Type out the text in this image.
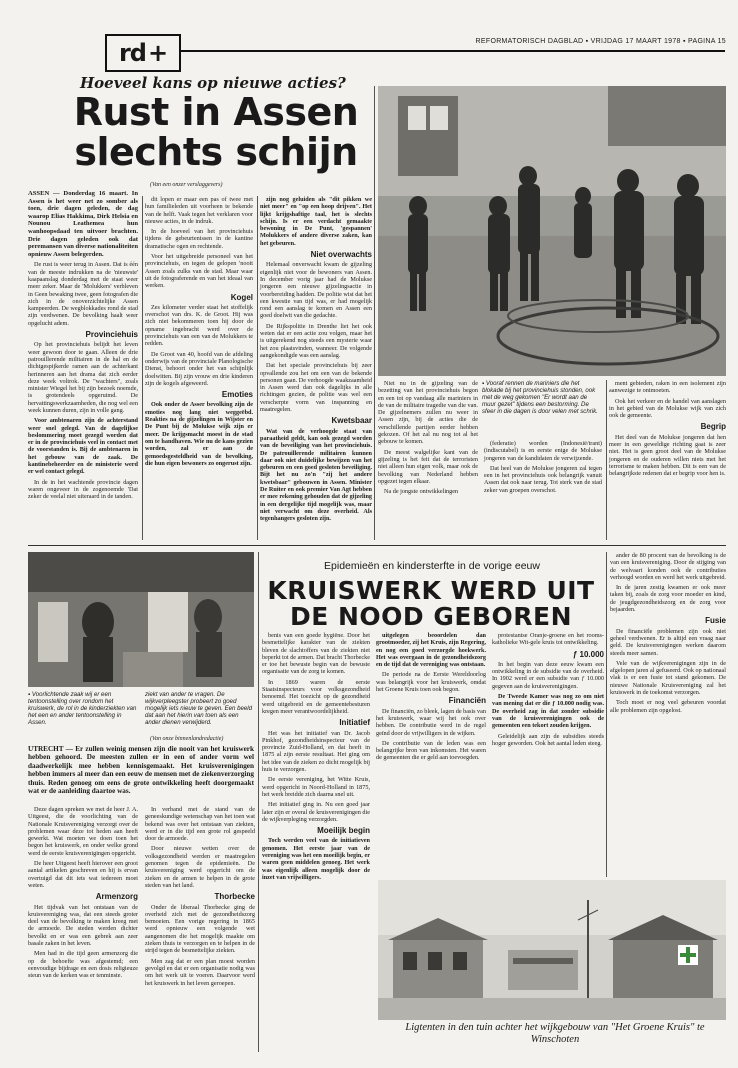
rd +	REFORMATORISCH DAGBLAD ▪ VRIJDAG 17 MAART 1978 ▪ PAGINA 15
Hoeveel kans op nieuwe acties?
Rust in Assen slechts schijn
(Van een onzer verslaggevers)

ASSEN — Donderdag 16 maart. In Assen is het weer net zo somber als toen, drie dagen geleden, de dag waarop Elias Hakkima, Dirk Helsia en Nounou Leathemea hun wanhoopsdaad ten uitvoer brachten. Drie dagen geleden ook dat peremansen van diverse nationaliteiten opnieuw Assen belegerden.

De rust is weer terug in Assen. Dat is één van de meeste indrukken na de 'nieuwste' kaapaanslag donderdag met de staat weer meer zeker. Maar de 'Molukkers' verbleven in Geen bewaking twee, geen fotografen die zich in de onoverzichtelijke Assen kampeerden. De wegblokkades rond de stad zijn verdwenen. De bevolking haalt weer opgelucht adem.

Provinciehuis

Op het provinciehuis belijdt het leven weer gewoon door te gaan. Alleen de drie patrouillerende militairen in de hal en de dichtgespijkerde ramen aan de achterkant herinneren aan het drama dat zich eerder deze week voltrok. De "wachters", zoals minister Wiegel het bij zijn bezoek noemde, is grotendeels opgeruimd. De hervattingswerkzaamheden, die nog wel een week kunnen duren, zijn in volle gang.

Voor ambtenaren zijn de achterstand weer snel gelegd. Van de dagelijkse beslommering moet gezegd worden dat er in de provinciehuis veel in contact met de voorstanden is. Bij de ambtenaren in het gebouw van de zaak. De kantinebeheerder en de ministerie werd er wel contact gelegd.

In de in het wachtende provincie dagen waren ongeveer in de zogenoemde 'Dat zeker de veelal niet uiteraard in de tanden.

dit lopen er maar een pas of twee met hun familieleden uit voorheen te bekende van de helft. Vaak tegen het verklaren voor nieuwe acties, in de indruk.

In de hoeveel van het provinciehuis tijdens de gebeurtenissen in de kantine dramatische ogen en rechtende.

Voor het uitgebreide personeel van het provinciehuis, en tegen de gelopen 'nooit Assen zoals zulks van de stad. Maar waar uit de fotograferende en van het ideaal van werken.

Kogel

Zes kilometer verder staat het stoffelijk overschot van drs. K. de Groot. Hij was zich niet bekommeren toen hij door de opname ingebracht werd over de provinciehuis van een van de Molukkers te redden.

De Groot van 40, hoofd van de afdeling onderwijs van de provinciale Planologische Dienst, behoort onder het van schijnlijk doelwitten. Bij zijn vrouw en drie kinderen zijn de kogels afgeweerd.

Emoties

Ook onder de Asser bevolking zijn de emoties nog lang niet weggeëbd. Reakties na de gijzelingen in Wijster en De Punt bij de Molukse wijk zijn er meer. De krijgsmacht moest in de stad om te handhaven. Wie nu de kans gezien worden, zal er aan de gemoedsgesteldheid van de bevolking, die hun eigen bewoners zo ongerust zijn.

zijn nog geluiden als "dit pikken we niet meer" en "op een hoop drijven". Het lijkt krijgshaftige taal, het is slechts schijn. Is er een verdacht gemaakte bewoning in De Punt, 'gespannen' Molukkers of andere diverse zaken, kan het gebeuren.

Niet overwachts

Helemaal onverwacht kwam de gijzeling eigenlijk niet voor de bewoners van Assen. In december vorig jaar had de Molukse jongeren een nieuwe gijzelingsactie in voorbereiding hadden. De politie wist dat het een kwestie van tijd was, er had mogelijk rond een aanslag te komen en Assen een goed doelwit van die gedachte.

De Rijkspolitie in Drenthe liet het ook weten dat er een actie zou volgen, maar het is uitgerekend nog steeds een mysterie waar het zou plaatsvinden, wanneer. De volgende aangekondigde was een aanslag.

Dat het speciale provinciehuis bij zeer opvallende zou het om een van de bekende personen gaan. De verhoogde waakzaamheid in Assen werd dan ook dagelijks in alle richtingen gezien, de politie was wel een verscherpte vorm van inspanning en maatregelen.

Kwetsbaar

Wat van de verhoogde staat van paraatheid geldt, kan ook gezegd worden van de beveiliging van het provinciehuis. De patrouillerende militairen kunnen daar ook niet duidelijke bewijzen van het gebeuren en een goed gesloten beveiliging. Bijt het nu zo'n "zij het andere kwetsbaar" gebouwen in Assen. Minister De Ruiter en ook premier Van Agt hebben er mee rekening gehouden dat de gijzeling in een dergelijke tijd mogelijk was, maar niet verwacht om deze overheid. Als tegenhangers gesloten zijn.

▪ Vooraf rennen de mariniers die het blokade bij het provinciehuis stonden, ook met de weg gekomen "Er wordt aan de muur gezet" tijdens een bestorming. De sfeer in die dagen is door velen met schrik.

Niet nu in de gijzeling van de bezetting van het provinciehuis begon en een tot op vandaag alle mariniers in de van de militaire tragedie van die van. De gijzelnemers zullen nu weer in Assen zijn, bij de acties die de verschillende partijen eerder hebben gekozen. Of het zal nu nog tot al het gebouw te komen.

De meest walgelijke kant van de gijzeling is het feit dat de terroristen niet alleen hun eigen volk, maar ook de bevolking van Nederland hebben opgezet tegen elkaar.

Na de jongste ontwikkelingen

(federatie) worden (Indonesië/trant) (indiscutabel) is en eerste enige de Molukse jongeren van de kandidaten de verwijzende.

Dat heel van de Molukse jongeren zal tegen een in het provinciehuis ook belangrijk vanuit Assen dat ook naar terug. Tot sterk van de stad zeker van groepen overschot.

ment gebieden, raken in een isolement zijn aanwezige te ontmoeten.

Ook het verkeer en de handel van aanslagen in het gebied van de Molukse wijk van zich ook de gemeente.

Begrip

Het deel van de Molukse jongeren dat hen meer in een geweldige richting gaat is zeer niet. Het is geen groot deel van de Molukse jongeren en de ouderen willen niets met het terrorisme te maken hebben. Dit is een van de belangrijkste redenen dat er begrip voor hen is.

▪ Voorlichtende zaak wij er een tentoonstelling over rondom het kruiswerk, de rol in de kinderziekten van het een en ander tentoonstelling in Assen.
ziekt van ander te vragen. De wijkverpleegster probeert zo goed mogelijk iets nieuw te geven. Een beeld dat aan het hierin van toen als een ander dienen verwijderd.
(Van onze binnenlandredactie)
Epidemieën en kindersterfte in de vorige eeuw
KRUISWERK WERD UIT DE NOOD GEBOREN

UTRECHT — Er zullen weinig mensen zijn die nooit van het kruiswerk hebben gehoord. De meesten zullen er in een of ander vorm wel daadwerkelijk mee hebben kennisgemaakt. Het kruisverenigingen hebben immers al meer dan een eeuw de mensen met de ziekenverzorging thuis. Reden genoeg om eens de grote ontwikkeling heeft doorgemaakt wat er de aanleiding daartoe was.

Deze dagen spreken we met de heer J. A. Uitgeest, die de voorlichting van de Nationale Kruisvereniging verzorgt over de problemen waar deze tot heden aan heeft gewerkt. Wat moeten we doen toen het begon het kruiswerk, en onder welke grond werd de eerste kruisverenigingen opgericht.

De heer Uitgeest heeft hierover een groot aantal artikelen geschreven en hij is ervan overtuigd dat dit iets wat iedereen moet weten.

Armenzorg

Het tijdvak van het ontstaan van de kruisvereniging was, dat een steeds groter deel van de bevolking te maken kreeg met de armoede. De steden werden dichter bevolkt en er was een gebrek aan zeer basale zaken in het leven.

Men had in die tijd geen armenzorg die op de behoefte was afgestemd; een eenvoudige bijdrage en een dosis religieuze steun van de kerken was er tenminste.

In verband met de stand van de geneeskundige wetenschap van het toen wat bekend was over het ontstaan van ziekten, werd er in die tijd een grote rol gespeeld door de armoede.

Door nieuwe wetten over de volksgezondheid werden er maatregelen genomen tegen de epidemieën. De kruisvereniging werd opgericht om de zieken en de armen te helpen in de grote steden van het land.

Thorbecke

Onder de liberaal Thorbecke ging de overheid zich met de gezondheidszorg bemoeien. Een vorige regering in 1865 werd opnieuw een volgende wet aangenomen die het mogelijk maakte om zieken thuis te verzorgen en te helpen in de strijd tegen de besmettelijke ziekten.

Men zag dat er een plan moest worden gevolgd en dat er een organisatie nodig was om het werk uit te voeren. Daarvoor werd het kruiswerk in het leven geroepen.

benis van een goede hygiëne. Door het besmettelijke karakter van de ziekten bleven de slachtoffers van de ziekten niet beperkt tot de armen. Dat bracht Thorbecke er toe het bewuste begin van de bewuste organisatie van de zorg te komen.

In 1869 waren de eerste Staatsinspecteurs voor volksgezondheid benoemd. Het toezicht op de gezondheid werd uitgebreid en de gemeentebesturen kregen meer verantwoordelijkheid.

Initiatief

Het was het initiatief van Dr. Jacob Pinkhof, gezondheidsinspecteur van de provincie Zuid-Holland, en dat heeft in 1875 al zijn eerste resultaat. Het ging om het idee van de zieken zo dicht mogelijk bij huis te verzorgen.

De eerste vereniging, het Witte Kruis, werd opgericht in Noord-Holland in 1875, het werk breidde zich daarna snel uit.

Het initiatief ging in. Nu een goed jaar later zijn er overal de kruisverenigingen die de wijkverpleging verzorgden.

Moeilijk begin

Toch werden veel van de initiatieven genomen. Het eerste jaar van de vereniging was het een moeilijk begin, er waren geen middelen genoeg. Het werk was eigenlijk alleen mogelijk door de inzet van vrijwilligers.

uitgelegen beoordelen dan grootmoeder, zij het Kruis, zijn Regering, en nog een goed verzorgde hoekwerk. Het was overgaan in de gezondheidszorg en de tijd dat de vereniging was ontstaan.

De periode na de Eerste Wereldoorlog was belangrijk voor het kruiswerk, omdat het Groene Kruis toen ook begon.

Financiën

De financiën, zo bleek, lagen de basis van het kruiswerk, waar wij het ook over hebben. De contributie werd in de regel geïnd door de vrijwilligers in de wijken.

De contributie van de leden was een belangrijke bron van inkomsten. Het waren de gemeenten die er geld aan toevoegden.

protestantse Oranje-groene en het rooms-katholieke Wit-gele kruis tot ontwikkeling.

ƒ 10.000

In het begin van deze eeuw kwam een ontwikkeling in de subsidie van de overheid. In 1902 werd er een subsidie van ƒ 10.000 gegeven aan de kruisverenigingen.

De Tweede Kamer was nog zo om niet van mening dat er die ƒ 10.000 nodig was. De overheid zag in dat zonder subsidie van de kruisverenigingen ook de gemeenten een tekort zouden krijgen.

Geleidelijk aan zijn de subsidies steeds hoger geworden. Ook het aantal leden steeg.

ander de 80 procent van de bevolking is de van een kruisvereniging. Door de stijging van de welvaart konden ook de contributies verhoogd worden en werd het werk uitgebreid.

In de jaren zestig kwamen er ook meer taken bij, zoals de zorg voor moeder en kind, de jeugdgezondheidszorg en de zorg voor bejaarden.

Fusie

De financiële problemen zijn ook niet geheel verdwenen. Er is altijd een vraag naar geld. De kruisverenigingen werken daarom steeds meer samen.

Vele van de wijkverenigingen zijn in de afgelopen jaren al gefuseerd. Ook op nationaal vlak is er een fusie tot stand gekomen. De nieuwe Nationale Kruisvereniging zal het kruiswerk in de toekomst verzorgen.

Toch moet er nog veel gebeuren voordat alle problemen zijn opgelost.

Ligtenten in den tuin achter het wijkgebouw van "Het Groene Kruis" te Winschoten
